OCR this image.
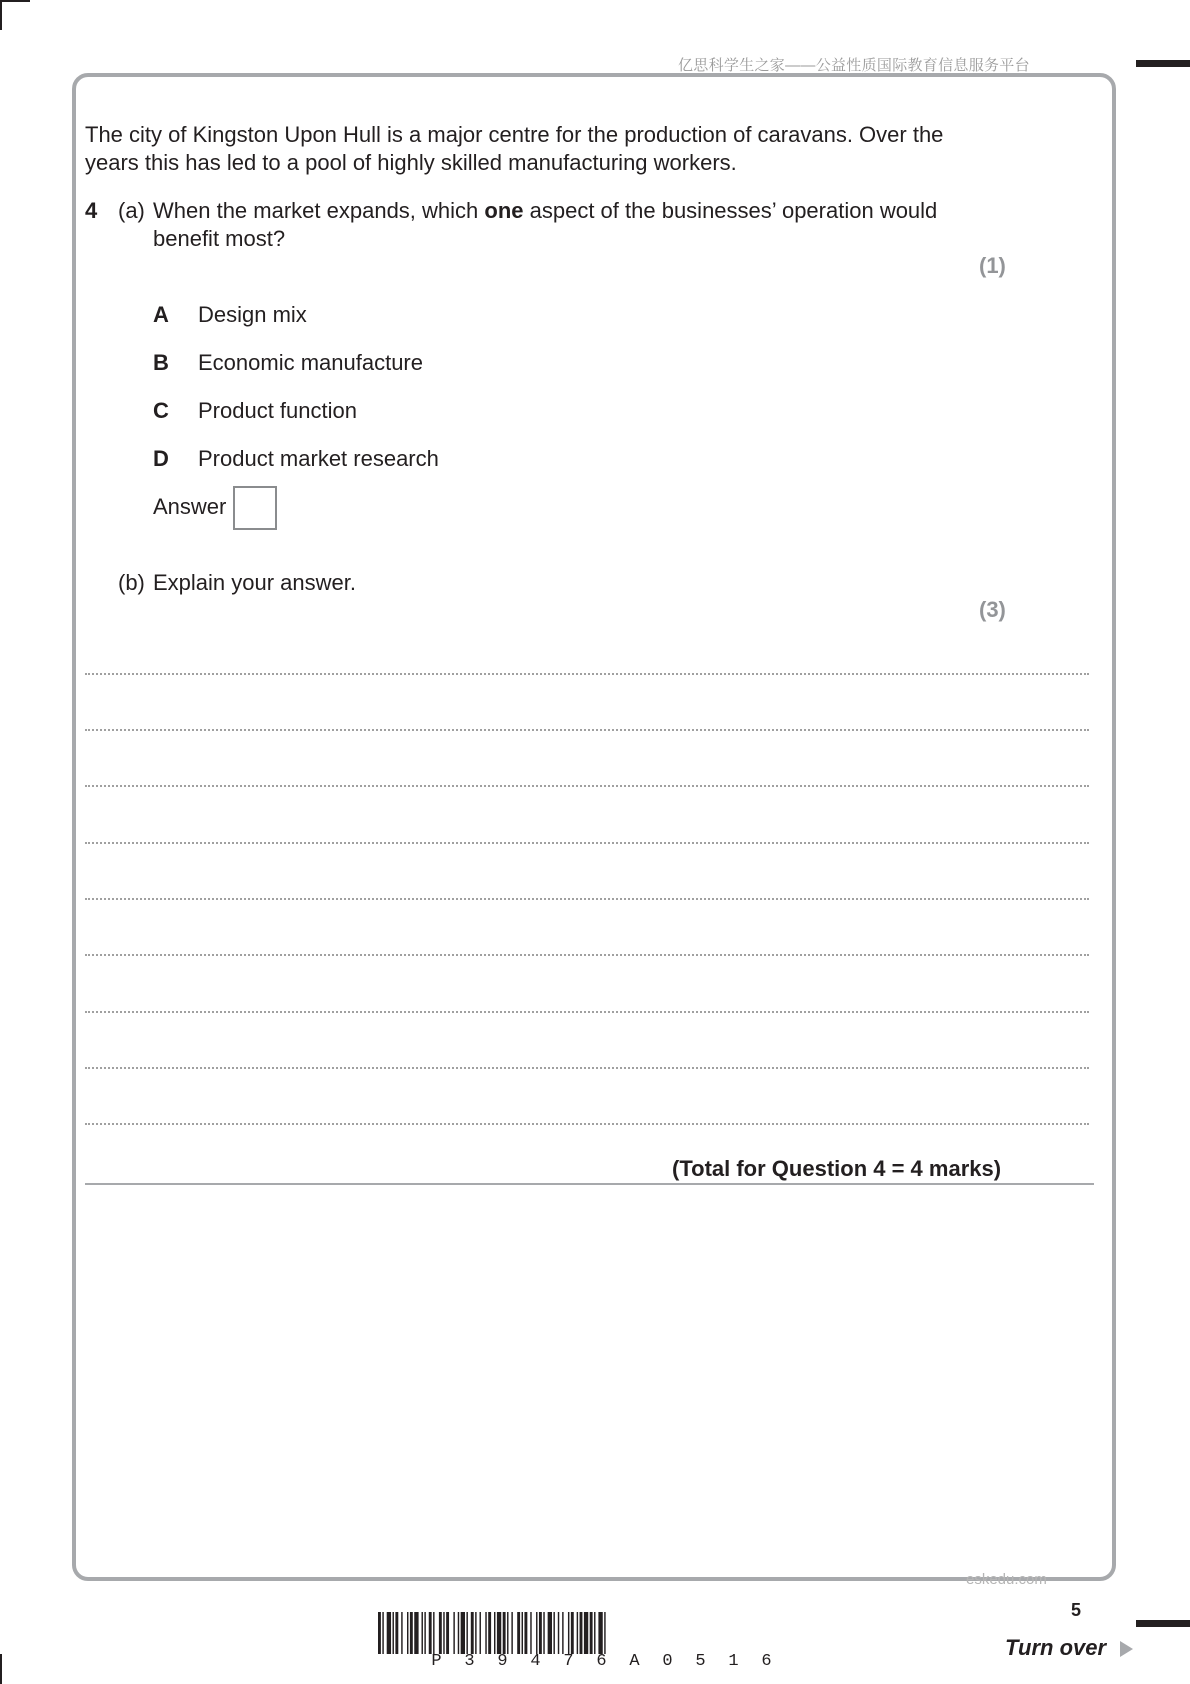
亿思科学生之家——公益性质国际教育信息服务平台
The city of Kingston Upon Hull is a major centre for the production of caravans. Over the
years this has led to a pool of highly skilled manufacturing workers.
4 (a) When the market expands, which one aspect of the businesses’ operation would
benefit most?
(1)
A Design mix
B Economic manufacture
C Product function
D Product market research
Answer
(b) Explain your answer.
(3)
(Total for Question 4 = 4 marks)
eskedu.com
5
P 3 9 4 7 6 A 0 5 1 6
Turn over
